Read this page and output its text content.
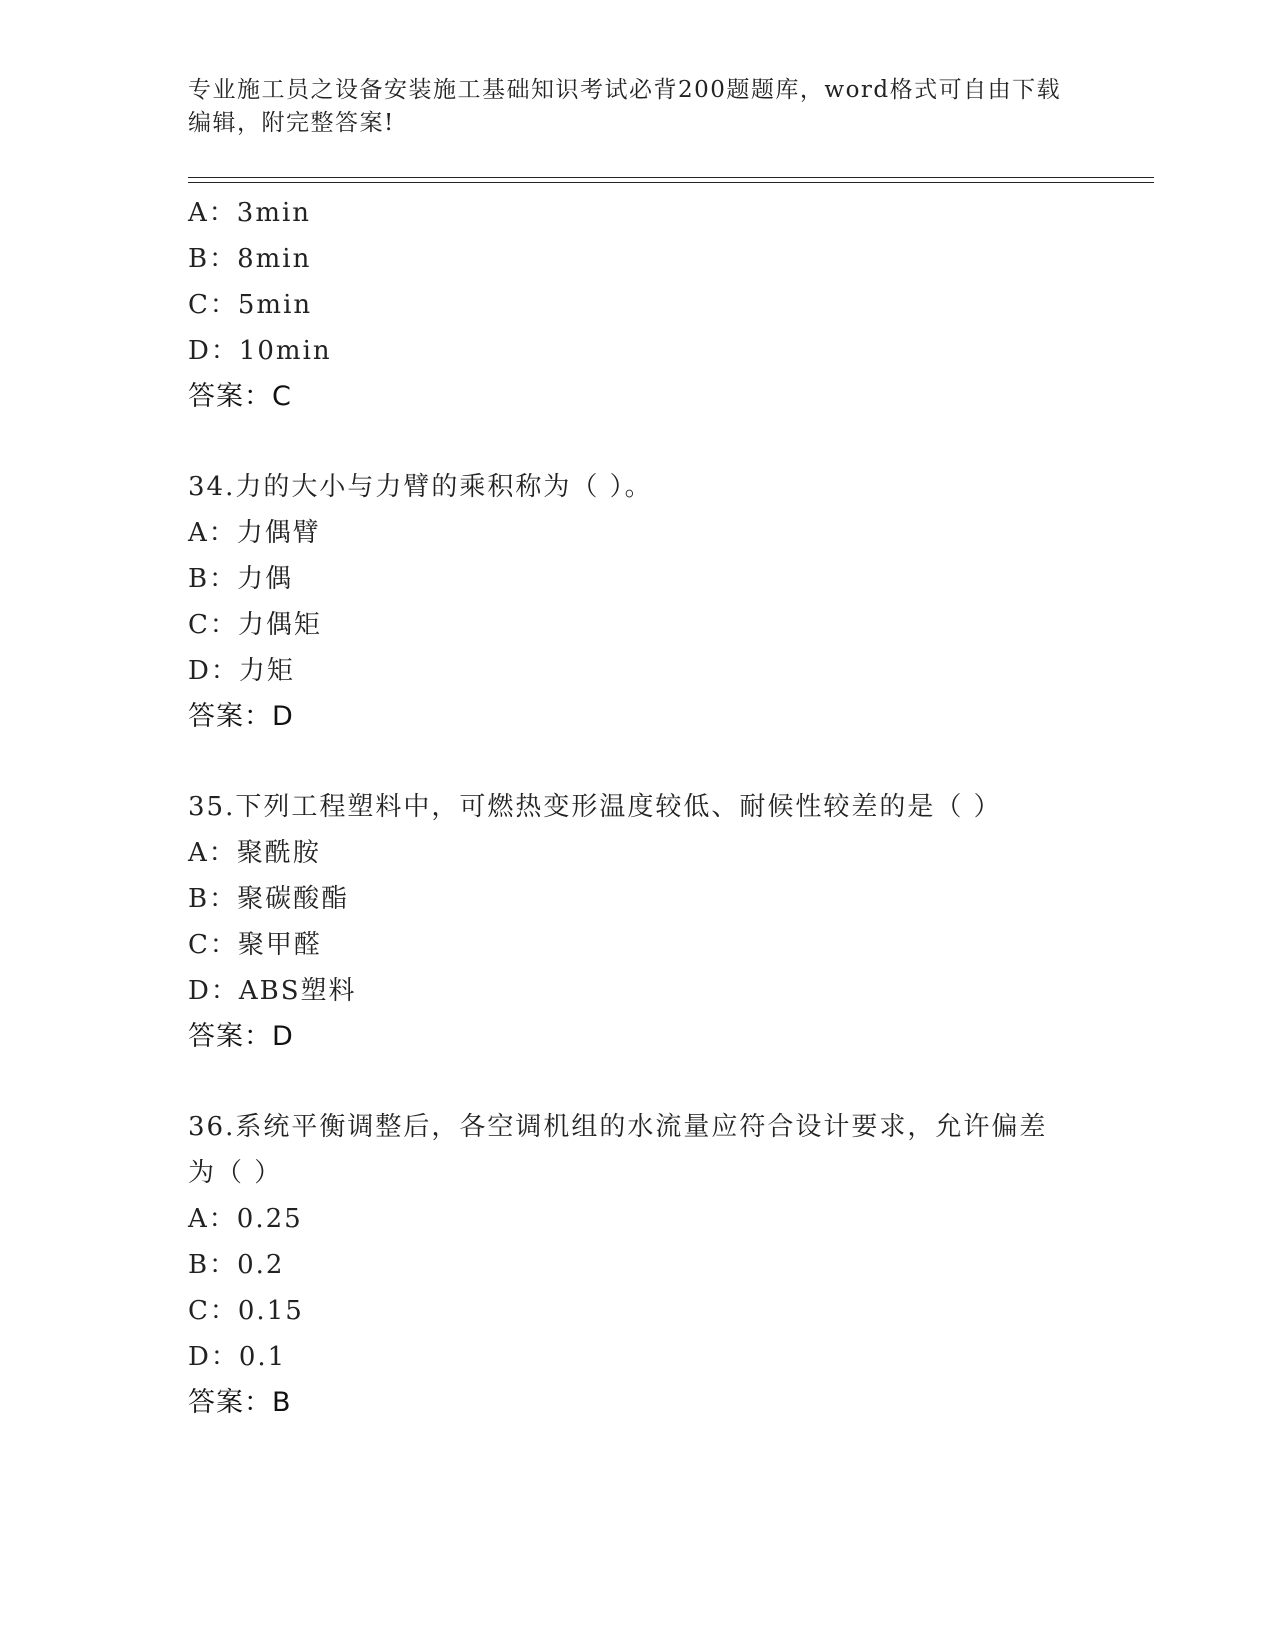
专业施工员之设备安装施工基础知识考试必背200题题库，word格式可自由下载
编辑，附完整答案!
A：3min
B：8min
C：5min
D：10min
答案：C
34.力的大小与力臂的乘积称为（ ）。
A：力偶臂
B：力偶
C：力偶矩
D：力矩
答案：D
35.下列工程塑料中，可燃热变形温度较低、耐候性较差的是（ ）
A：聚酰胺
B：聚碳酸酯
C：聚甲醛
D：ABS塑料
答案：D
36.系统平衡调整后，各空调机组的水流量应符合设计要求，允许偏差
为（ ）
A：0.25
B：0.2
C：0.15
D：0.1
答案：B
